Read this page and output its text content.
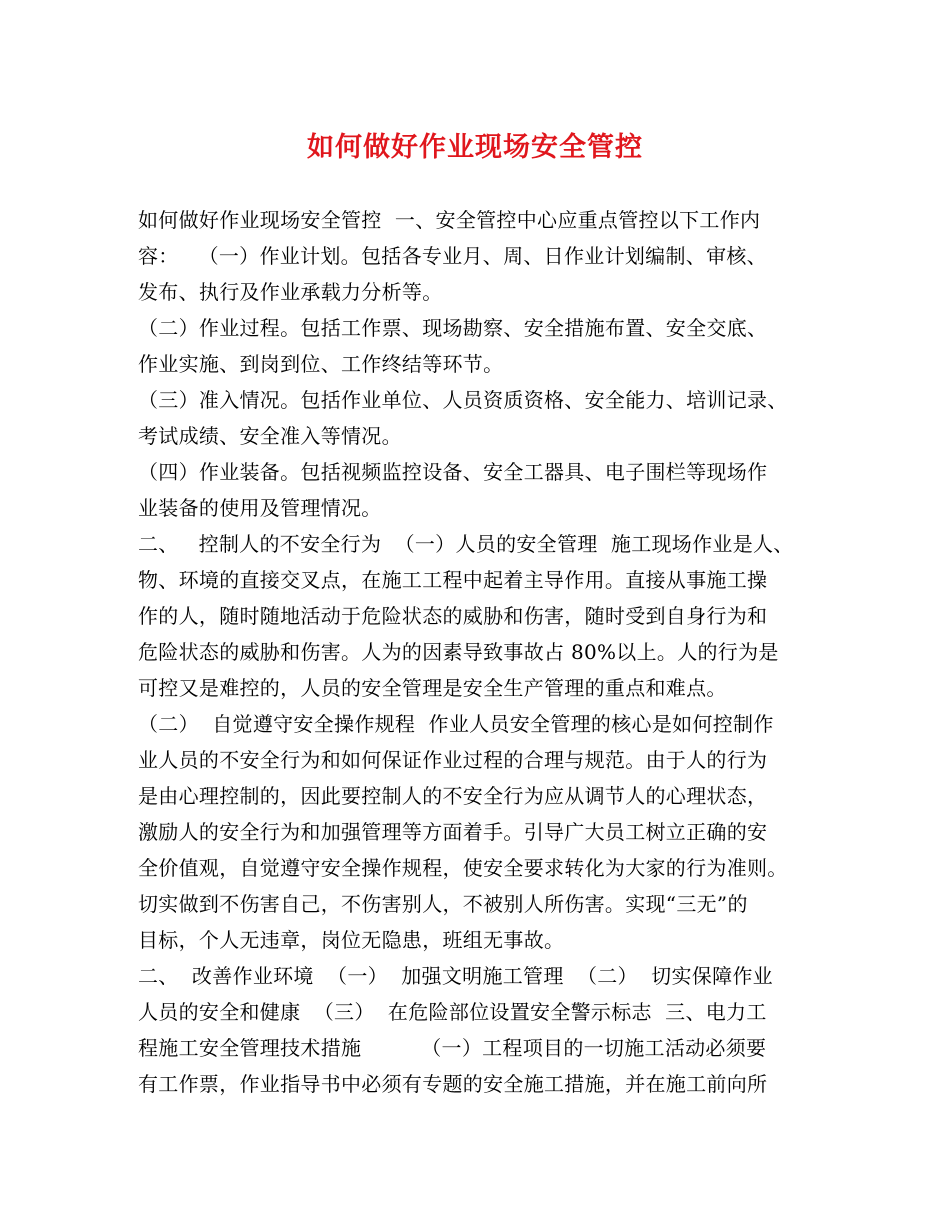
如何做好作业现场安全管控
如何做好作业现场安全管控  一、安全管控中心应重点管控以下工作内
容：   （一）作业计划。包括各专业月、周、日作业计划编制、审核、
发布、执行及作业承载力分析等。
（二）作业过程。包括工作票、现场勘察、安全措施布置、安全交底、
作业实施、到岗到位、工作终结等环节。
（三）准入情况。包括作业单位、人员资质资格、安全能力、培训记录、
考试成绩、安全准入等情况。
（四）作业装备。包括视频监控设备、安全工器具、电子围栏等现场作
业装备的使用及管理情况。
二、   控制人的不安全行为  （一）人员的安全管理  施工现场作业是人、
物、环境的直接交叉点，在施工工程中起着主导作用。直接从事施工操
作的人，随时随地活动于危险状态的威胁和伤害，随时受到自身行为和
危险状态的威胁和伤害。人为的因素导致事故占 80%以上。人的行为是
可控又是难控的，人员的安全管理是安全生产管理的重点和难点。
（二）  自觉遵守安全操作规程  作业人员安全管理的核心是如何控制作
业人员的不安全行为和如何保证作业过程的合理与规范。由于人的行为
是由心理控制的，因此要控制人的不安全行为应从调节人的心理状态，
激励人的安全行为和加强管理等方面着手。引导广大员工树立正确的安
全价值观，自觉遵守安全操作规程，使安全要求转化为大家的行为准则。
切实做到不伤害自己，不伤害别人，不被别人所伤害。实现“三无”的
目标，个人无违章，岗位无隐患，班组无事故。
二、  改善作业环境  （一）  加强文明施工管理  （二）  切实保障作业
人员的安全和健康  （三）  在危险部位设置安全警示标志  三、电力工
程施工安全管理技术措施         （一）工程项目的一切施工活动必须要
有工作票，作业指导书中必须有专题的安全施工措施，并在施工前向所
